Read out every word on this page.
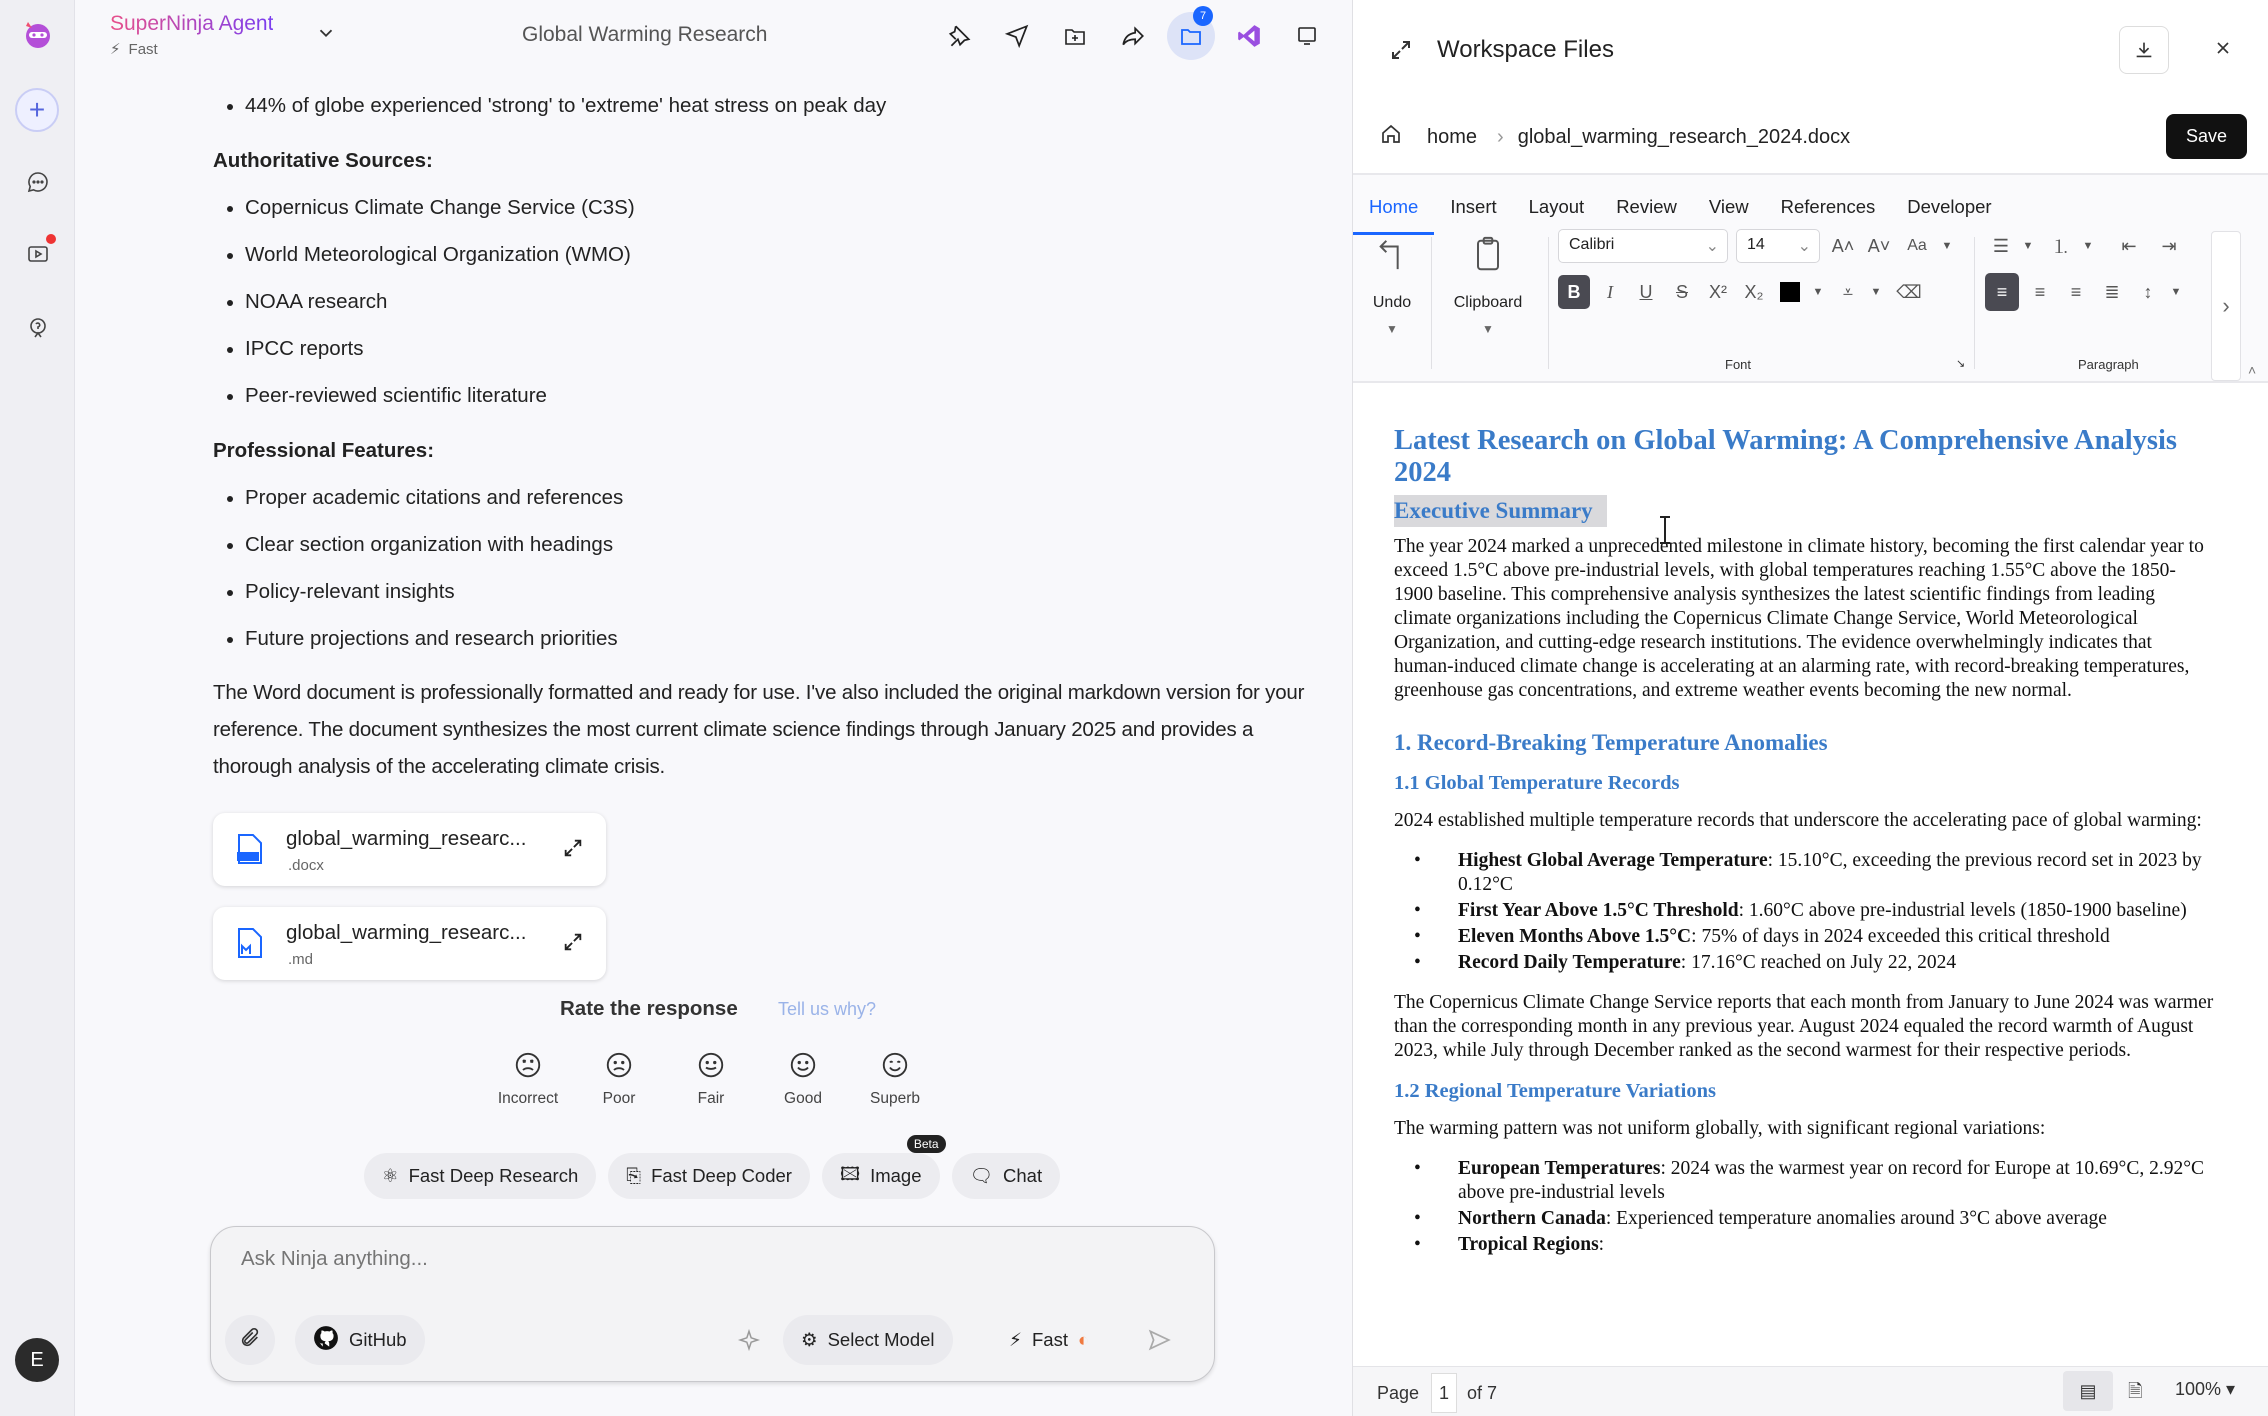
+
E
SuperNinja Agent
⚡︎ Fast
Global Warming Research
7
44% of globe experienced 'strong' to 'extreme' heat stress on peak day
Authoritative Sources:
Copernicus Climate Change Service (C3S)
World Meteorological Organization (WMO)
NOAA research
IPCC reports
Peer-reviewed scientific literature
Professional Features:
Proper academic citations and references
Clear section organization with headings
Policy-relevant insights
Future projections and research priorities

The Word document is professionally formatted and ready for use. I've also included the original markdown version for your reference. The document synthesizes the most current climate science findings through January 2025 and provides a thorough analysis of the accelerating climate crisis.

global_warming_researc...
.docx
global_warming_researc...
.md
Rate the response Tell us why?
Incorrect	Poor	Fair	Good	Superb
⚛ Fast Deep Research	⎘ Fast Deep Coder	🖾 Image
Beta
🗨 Chat
Ask Ninja anything...
GitHub	⚙ Select Model	⚡︎ Fast ◐
Workspace Files
home › global_warming_research_2024.docx	Save
Home	Insert	Layout	Review	View	References	Developer
Undo
▼
Clipboard
▼
Calibri	⌄	14 ⌄ A˄ A˅ Aa	▼
B I U S	X² X₂	▼ ⩡	▼ ⌫
Font	↘
☰	▼	⒈	▼	⇤	⇥
≡	≡	≡	≣	↕	▼
Paragraph
›
˄
Latest Research on Global Warming: A Comprehensive Analysis 2024
Executive Summary

The year 2024 marked a unprecedented milestone in climate history, becoming the first calendar year to exceed 1.5°C above pre-industrial levels, with global temperatures reaching 1.55°C above the 1850-1900 baseline. This comprehensive analysis synthesizes the latest scientific findings from leading climate organizations including the Copernicus Climate Change Service, World Meteorological Organization, and cutting-edge research institutions. The evidence overwhelmingly indicates that human-induced climate change is accelerating at an alarming rate, with record-breaking temperatures, greenhouse gas concentrations, and extreme weather events becoming the new normal.

1. Record-Breaking Temperature Anomalies
1.1 Global Temperature Records

2024 established multiple temperature records that underscore the accelerating pace of global warming:

• Highest Global Average Temperature: 15.10°C, exceeding the previous record set in 2023 by 0.12°C
• First Year Above 1.5°C Threshold: 1.60°C above pre-industrial levels (1850-1900 baseline)
• Eleven Months Above 1.5°C: 75% of days in 2024 exceeded this critical threshold
• Record Daily Temperature: 17.16°C reached on July 22, 2024

The Copernicus Climate Change Service reports that each month from January to June 2024 was warmer than the corresponding month in any previous year. August 2024 equaled the record warmth of August 2023, while July through December ranked as the second warmest for their respective periods.

1.2 Regional Temperature Variations

The warming pattern was not uniform globally, with significant regional variations:

• European Temperatures: 2024 was the warmest year on record for Europe at 10.69°C, 2.92°C above pre-industrial levels
• Northern Canada: Experienced temperature anomalies around 3°C above average
• Tropical Regions:
Page	1	of 7	▤ 🗎 100% ▾
